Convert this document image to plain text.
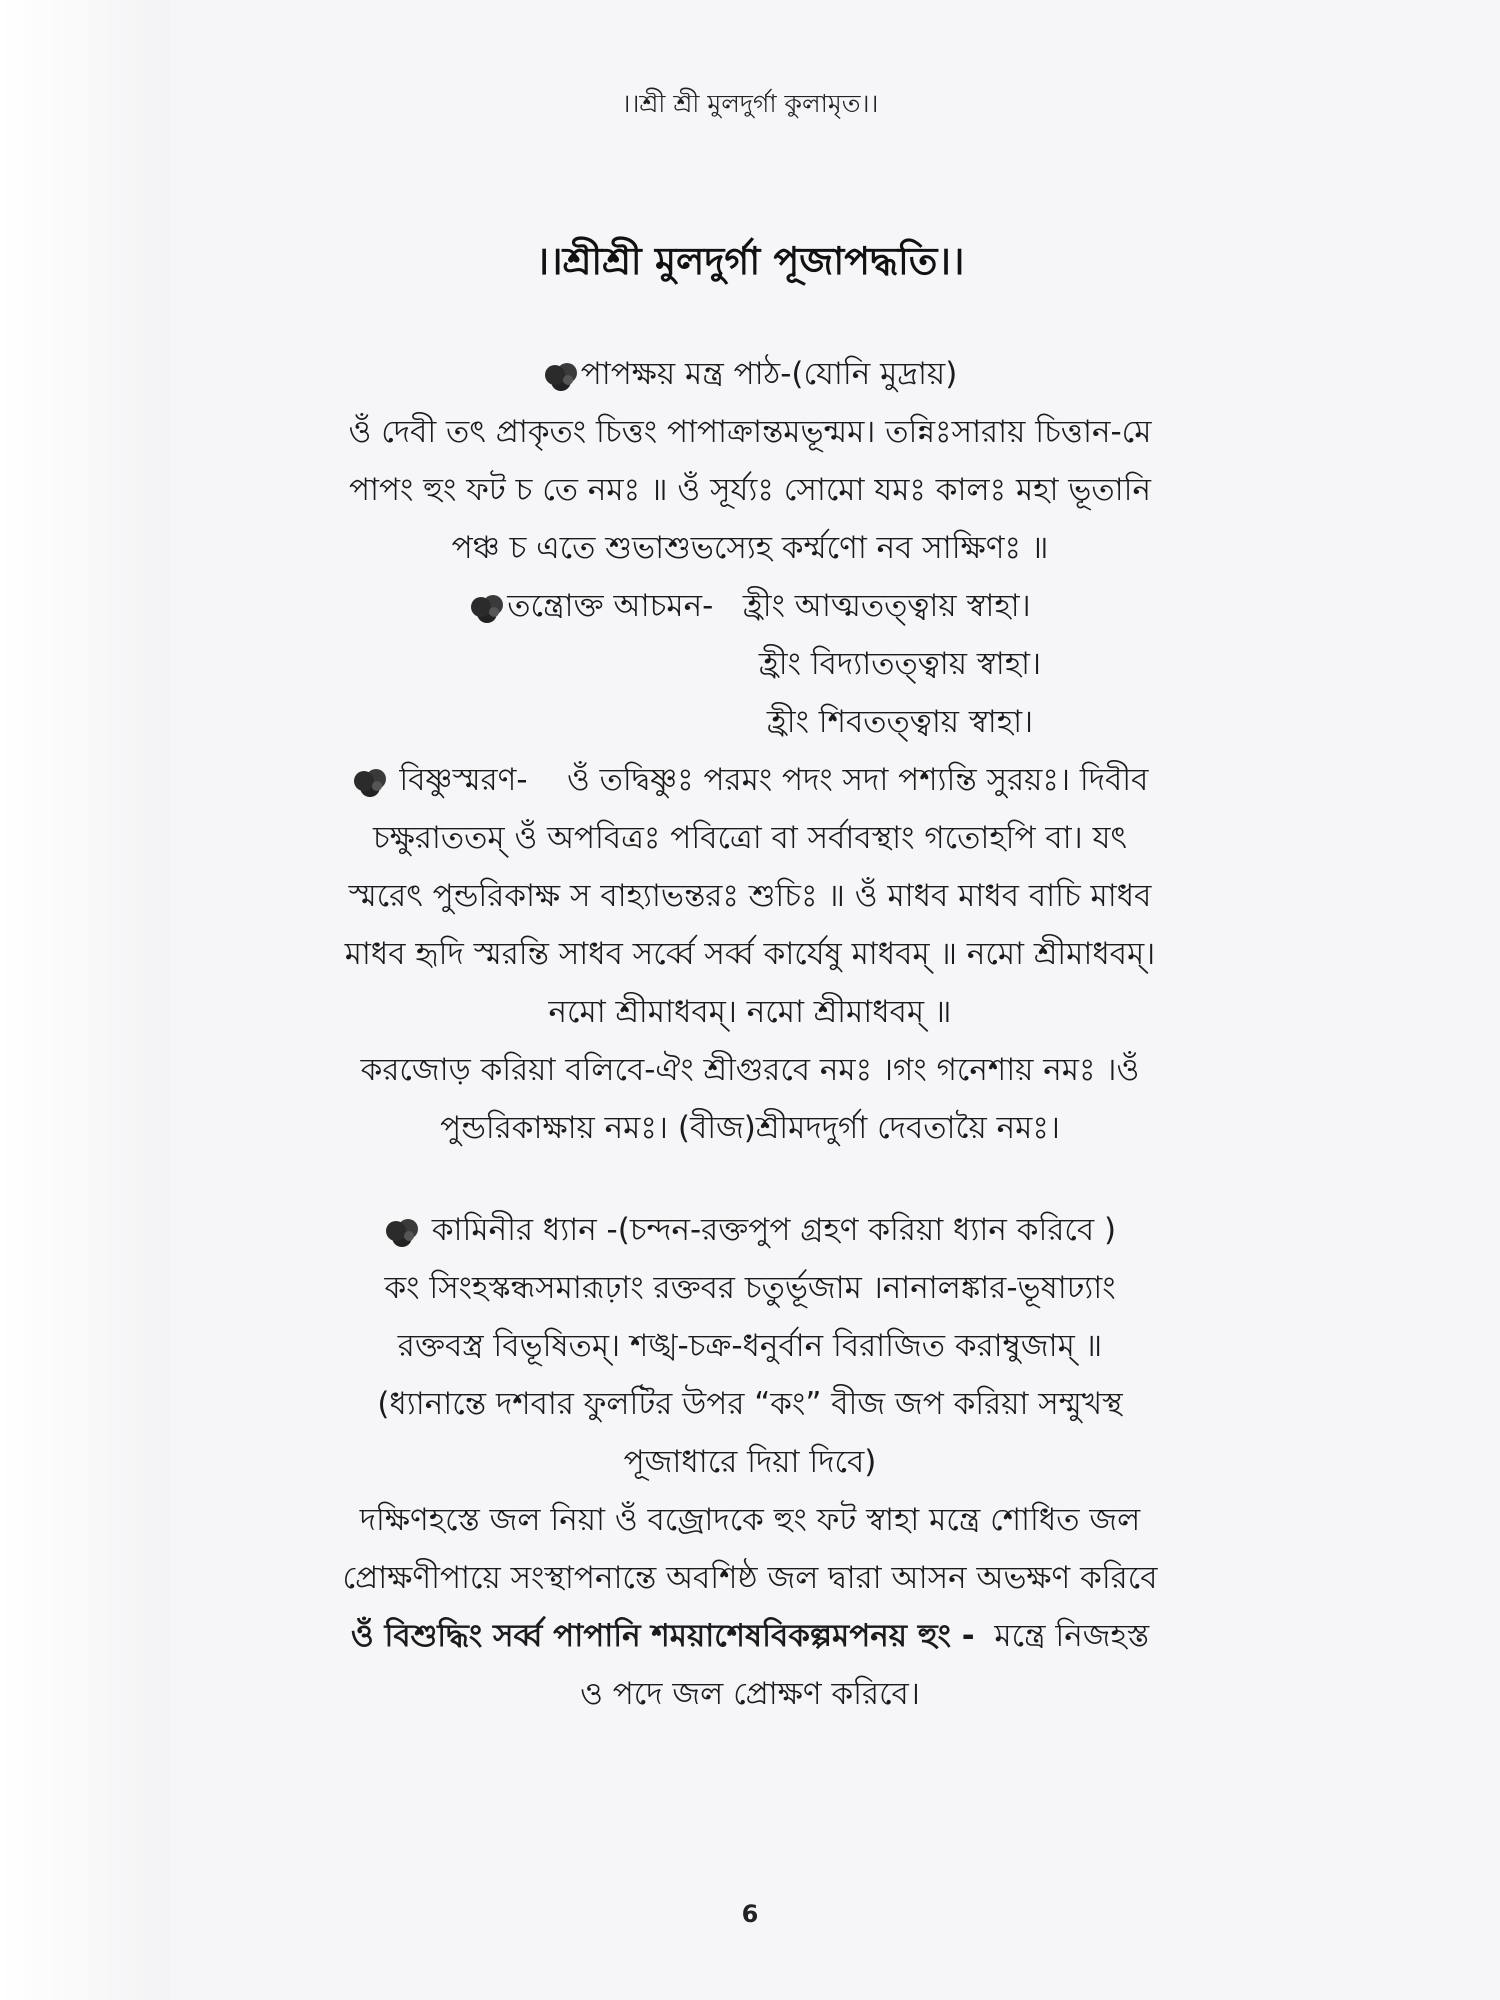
।।শ্রী শ্রী মুলদুর্গা কুলামৃত।।
।।শ্রীশ্রী মুলদুর্গা পূজাপদ্ধতি।।
পাপক্ষয় মন্ত্র পাঠ-(যোনি মুদ্রায়)
ওঁ দেবী তৎ প্রাকৃতং চিত্তং পাপাক্রান্তমভূন্মম। তন্নিঃসারায় চিত্তান-মে
পাপং হুং ফট চ তে নমঃ ॥ ওঁ সূর্য্যঃ সোমো যমঃ কালঃ মহা ভূতানি
পঞ্চ চ এতে শুভাশুভস্যেহ কর্ম্মণো নব সাক্ষিণঃ ॥
তন্ত্রোক্ত আচমন- হ্রীং আত্মতত্ত্বায় স্বাহা।
হ্রীং বিদ্যাতত্ত্বায় স্বাহা।
হ্রীং শিবতত্ত্বায় স্বাহা।
বিষ্ণুস্মরণ- ওঁ তদ্বিষ্ণুঃ পরমং পদং সদা পশ্যন্তি সুরয়ঃ। দিবীব
চক্ষুরাততম্ ওঁ অপবিত্রঃ পবিত্রো বা সর্বাবস্থাং গতোহপি বা। যৎ
স্মরেৎ পুন্ডরিকাক্ষ স বাহ্যাভন্তরঃ শুচিঃ ॥ ওঁ মাধব মাধব বাচি মাধব
মাধব হৃদি স্মরন্তি সাধব সর্ব্বে সর্ব্ব কার্যেষু মাধবম্ ॥ নমো শ্রীমাধবম্।
নমো শ্রীমাধবম্। নমো শ্রীমাধবম্ ॥
করজোড় করিয়া বলিবে-ঐং শ্রীগুরবে নমঃ ।গং গনেশায় নমঃ ।ওঁ
পুন্ডরিকাক্ষায় নমঃ। (বীজ)শ্রীমদদুর্গা দেবতায়ৈ নমঃ।
কামিনীর ধ্যান -(চন্দন-রক্তপুপ গ্রহণ করিয়া ধ্যান করিবে )
কং সিংহস্কন্ধসমারূঢ়াং রক্তবর চতুর্ভূজাম ।নানালঙ্কার-ভূষাঢ্যাং
রক্তবস্ত্র বিভূষিতম্। শঙ্খ-চক্র-ধনুর্বান বিরাজিত করাম্বুজাম্ ॥
(ধ্যানান্তে দশবার ফুলটির উপর “কং” বীজ জপ করিয়া সম্মুখস্থ
পূজাধারে দিয়া দিবে)
দক্ষিণহস্তে জল নিয়া ওঁ বজ্রোদকে হুং ফট স্বাহা মন্ত্রে শোধিত জল
প্রোক্ষণীপায়ে সংস্থাপনান্তে অবশিষ্ঠ জল দ্বারা আসন অভক্ষণ করিবে
ওঁ বিশুদ্ধিং সর্ব্ব পাপানি শময়াশেষবিকল্পমপনয় হুং - মন্ত্রে নিজহস্ত
ও পদে জল প্রোক্ষণ করিবে।
6
